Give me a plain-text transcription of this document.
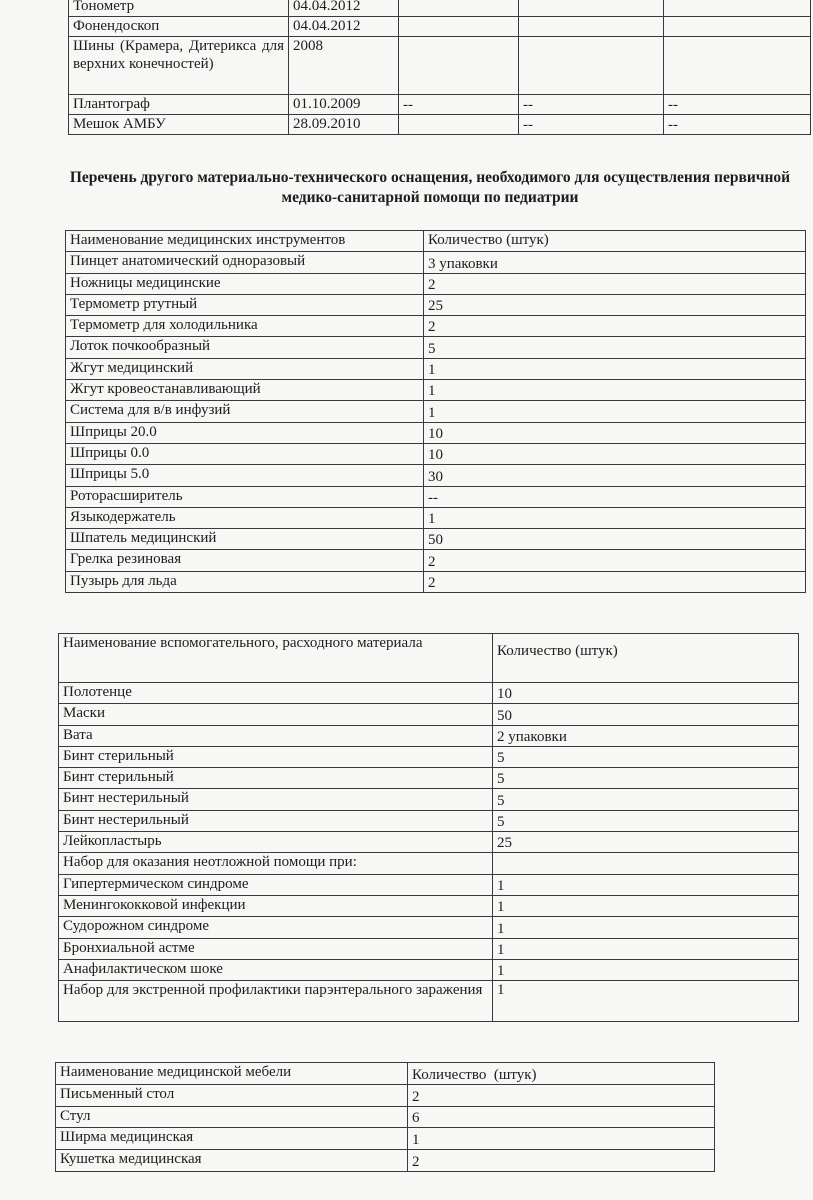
Тонометр	04.04.2012			
Фонендоскоп	04.04.2012			
Шины (Крамера, Дитерикса для верхних конечностей)	2008			
Плантограф	01.10.2009	--	--	--
Мешок АМБУ	28.09.2010		--	--
Перечень другого материально-технического оснащения, необходимого для осуществления первичной медико-санитарной помощи по педиатрии
Наименование медицинских инструментов	Количество (штук)
Пинцет анатомический одноразовый	3 упаковки
Ножницы медицинские	2
Термометр ртутный	25
Термометр для холодильника	2
Лоток почкообразный	5
Жгут медицинский	1
Жгут кровеостанавливающий	1
Система для в/в инфузий	1
Шприцы 20.0	10
Шприцы 0.0	10
Шприцы 5.0	30
Роторасширитель	--
Языкодержатель	1
Шпатель медицинский	50
Грелка резиновая	2
Пузырь для льда	2
Наименование вспомогательного, расходного материала	Количество (штук)
Полотенце	10
Маски	50
Вата	2 упаковки
Бинт стерильный	5
Бинт стерильный	5
Бинт нестерильный	5
Бинт нестерильный	5
Лейкопластырь	25
Набор для оказания неотложной помощи при:	
Гипертермическом синдроме	1
Менингококковой инфекции	1
Судорожном синдроме	1
Бронхиальной астме	1
Анафилактическом шоке	1
Набор для экстренной профилактики парэнтерального заражения	1
Наименование медицинской мебели	Количество  (штук)
Письменный стол	2
Стул	6
Ширма медицинская	1
Кушетка медицинская	2
